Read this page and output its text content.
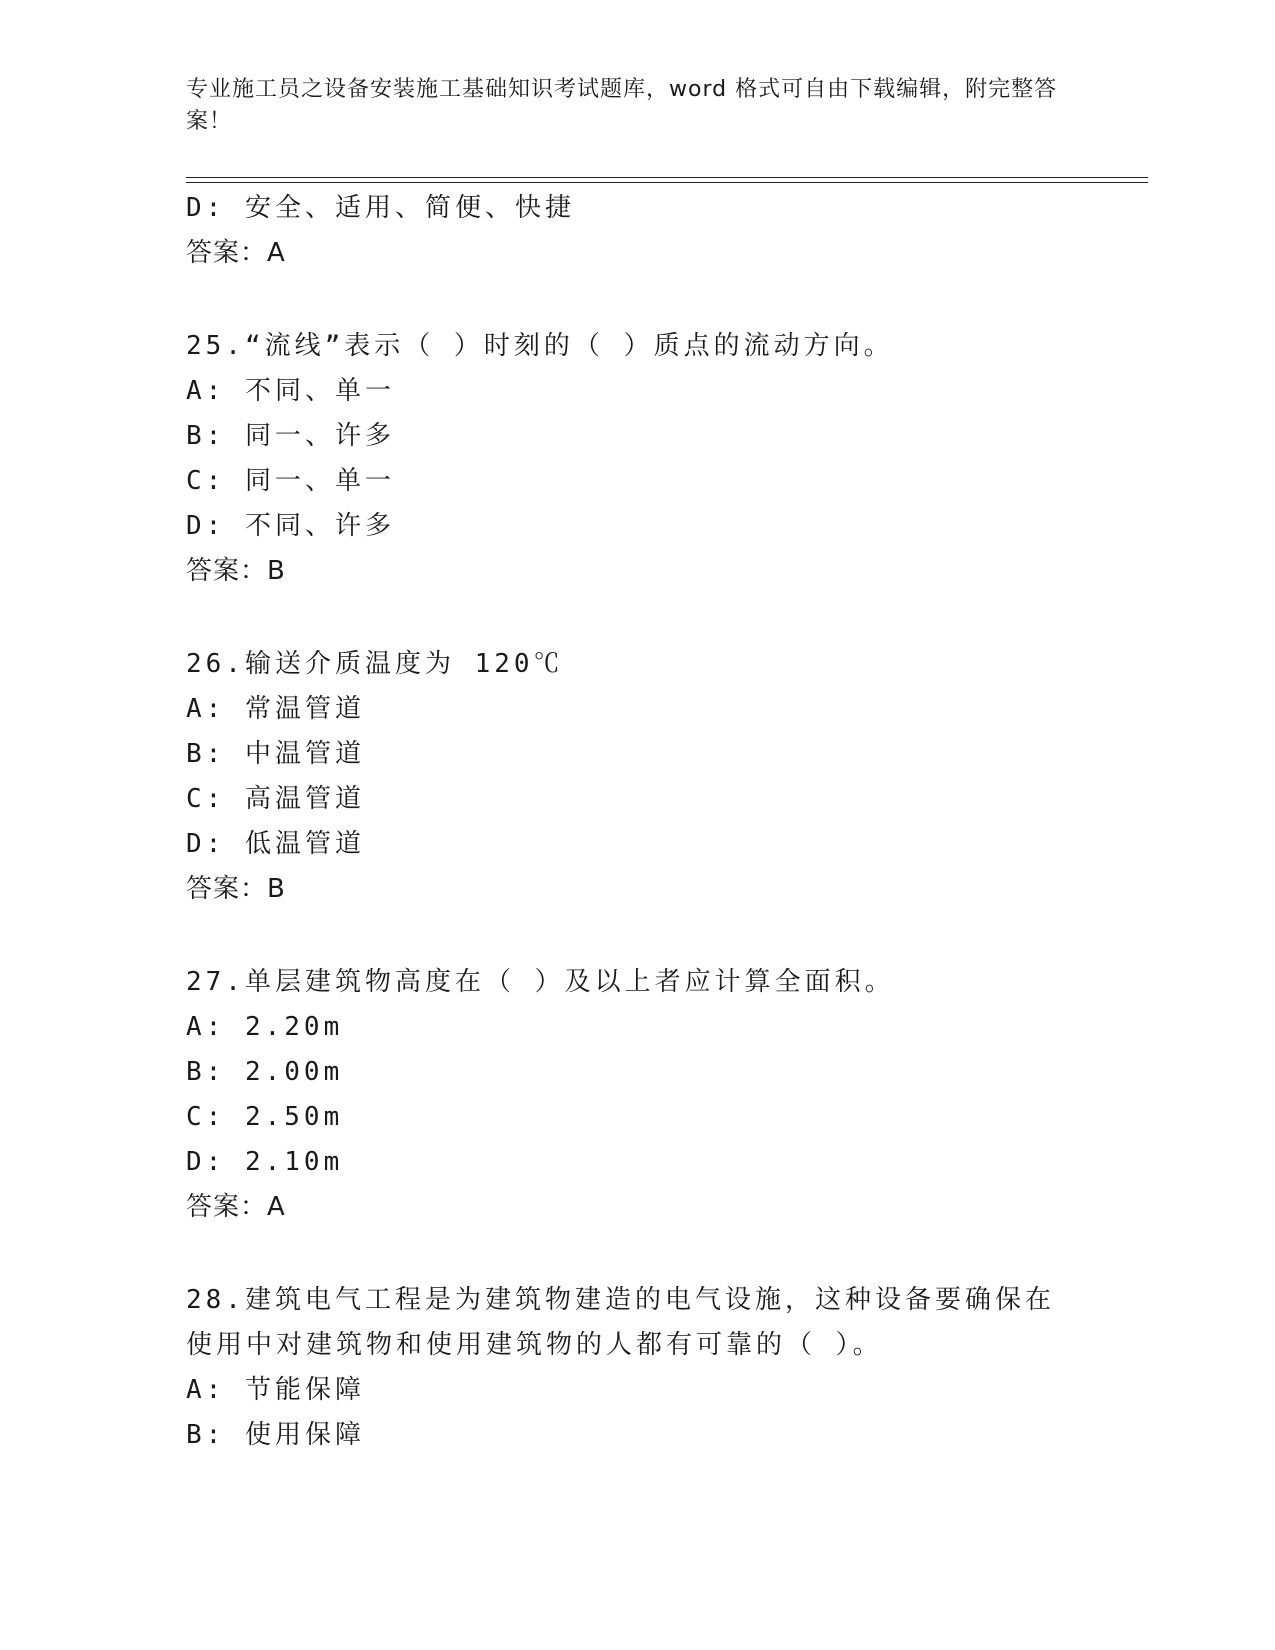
专业施工员之设备安装施工基础知识考试题库，word 格式可自由下载编辑，附完整答案！
D: 安全、适用、简便、快捷
答案：A
25.“流线”表示（ ）时刻的（ ）质点的流动方向。
A: 不同、单一
B: 同一、许多
C: 同一、单一
D: 不同、许多
答案：B
26.输送介质温度为 120℃
A: 常温管道
B: 中温管道
C: 高温管道
D: 低温管道
答案：B
27.单层建筑物高度在（ ）及以上者应计算全面积。
A: 2.20m
B: 2.00m
C: 2.50m
D: 2.10m
答案：A
28.建筑电气工程是为建筑物建造的电气设施，这种设备要确保在使用中对建筑物和使用建筑物的人都有可靠的（ ）。
A: 节能保障
B: 使用保障
